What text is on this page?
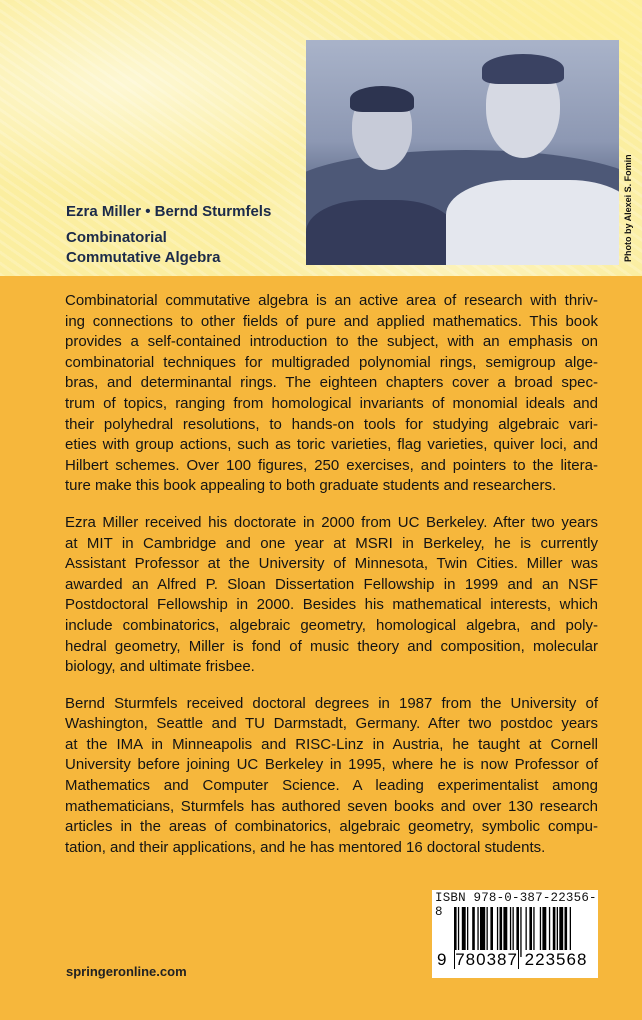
Photo by Alexei S. Fomin
Ezra Miller • Bernd Sturmfels
Combinatorial
Commutative Algebra
Combinatorial commutative algebra is an active area of research with thriv-
ing connections to other fields of pure and applied mathematics. This book
provides a self-contained introduction to the subject, with an emphasis on
combinatorial techniques for multigraded polynomial rings, semigroup alge-
bras, and determinantal rings. The eighteen chapters cover a broad spec-
trum of topics, ranging from homological invariants of monomial ideals and
their polyhedral resolutions, to hands-on tools for studying algebraic vari-
eties with group actions, such as toric varieties, flag varieties, quiver loci, and
Hilbert schemes. Over 100 figures, 250 exercises, and pointers to the litera-
ture make this book appealing to both graduate students and researchers.
Ezra Miller received his doctorate in 2000 from UC Berkeley. After two years
at MIT in Cambridge and one year at MSRI in Berkeley, he is currently
Assistant Professor at the University of Minnesota, Twin Cities. Miller was
awarded an Alfred P. Sloan Dissertation Fellowship in 1999 and an NSF
Postdoctoral Fellowship in 2000. Besides his mathematical interests, which
include combinatorics, algebraic geometry, homological algebra, and poly-
hedral geometry, Miller is fond of music theory and composition, molecular
biology, and ultimate frisbee.
Bernd Sturmfels received doctoral degrees in 1987 from the University of
Washington, Seattle and TU Darmstadt, Germany. After two postdoc years
at the IMA in Minneapolis and RISC-Linz in Austria, he taught at Cornell
University before joining UC Berkeley in 1995, where he is now Professor of
Mathematics and Computer Science. A leading experimentalist among
mathematicians, Sturmfels has authored seven books and over 130 research
articles in the areas of combinatorics, algebraic geometry, symbolic compu-
tation, and their applications, and he has mentored 16 doctoral students.
ISBN 978-0-387-22356-8
9 780387 223568
springeronline.com
